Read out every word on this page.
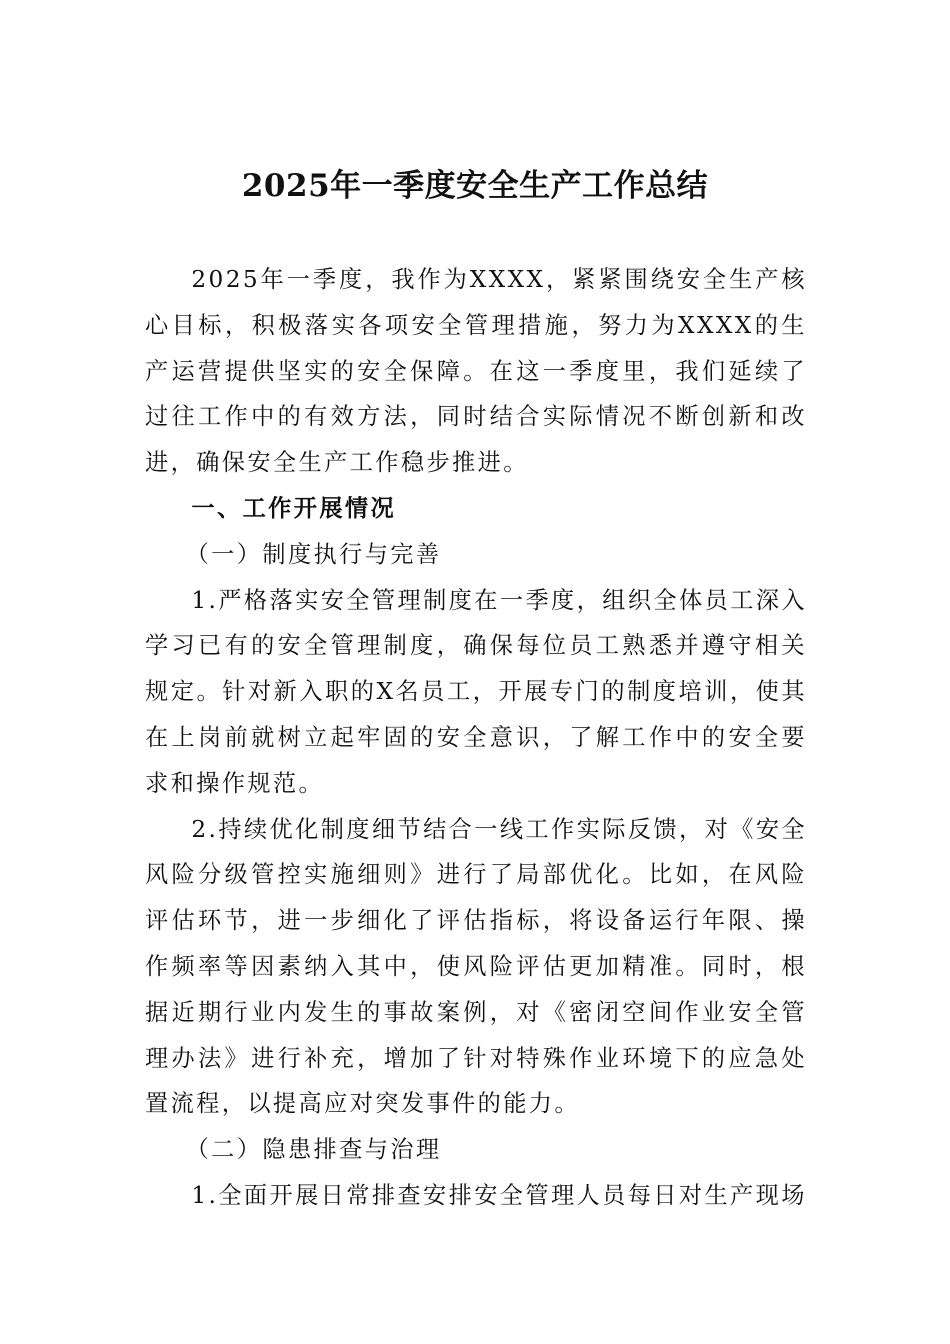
2025年一季度安全生产工作总结

2025年一季度，我作为XXXX，紧紧围绕安全生产核心目标，积极落实各项安全管理措施，努力为XXXX的生产运营提供坚实的安全保障。在这一季度里，我们延续了过往工作中的有效方法，同时结合实际情况不断创新和改进，确保安全生产工作稳步推进。

一、工作开展情况

（一）制度执行与完善

1.严格落实安全管理制度在一季度，组织全体员工深入学习已有的安全管理制度，确保每位员工熟悉并遵守相关规定。针对新入职的X名员工，开展专门的制度培训，使其在上岗前就树立起牢固的安全意识，了解工作中的安全要求和操作规范。

2.持续优化制度细节结合一线工作实际反馈，对《安全风险分级管控实施细则》进行了局部优化。比如，在风险评估环节，进一步细化了评估指标，将设备运行年限、操作频率等因素纳入其中，使风险评估更加精准。同时，根据近期行业内发生的事故案例，对《密闭空间作业安全管理办法》进行补充，增加了针对特殊作业环境下的应急处置流程，以提高应对突发事件的能力。

（二）隐患排查与治理

1.全面开展日常排查安排安全管理人员每日对生产现场
